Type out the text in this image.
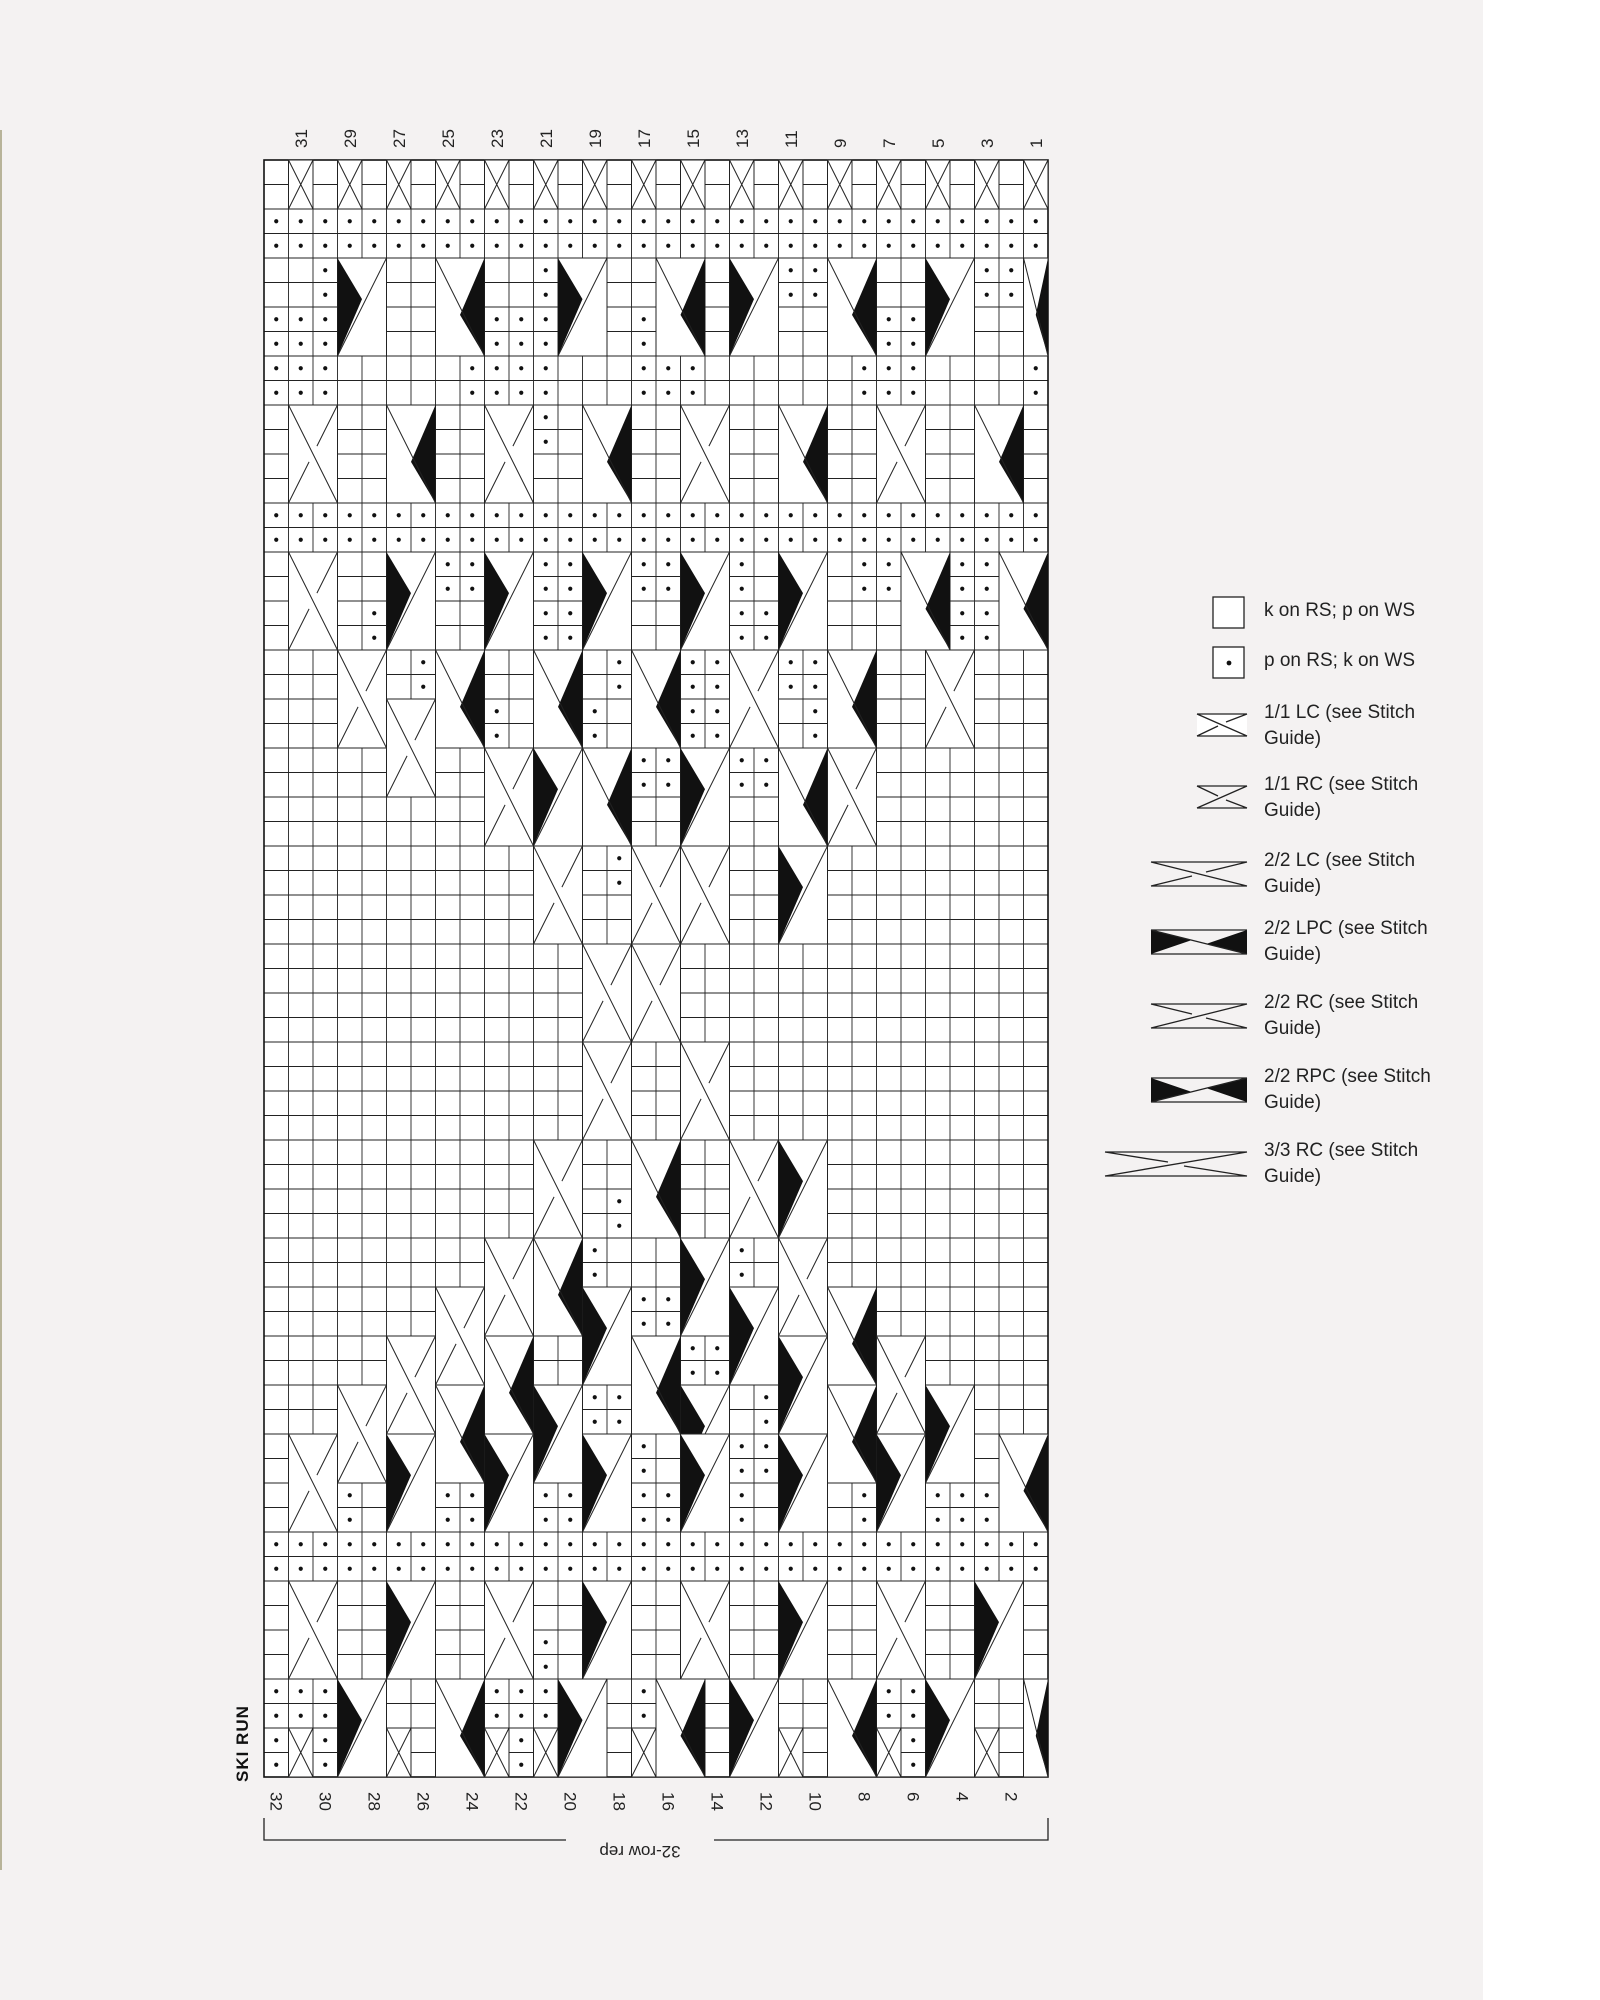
31 29 27 25 23 21 19 17 15 13 11 9 7 5 3 1
32 30 28 26 24 22 20 18 16 14 12 10 8 6 4 2
SKI RUN
32-row rep
k on RS; p on WS
p on RS; k on WS
1/1 LC (see Stitch Guide)
1/1 RC (see Stitch Guide)
2/2 LC (see Stitch Guide)
2/2 LPC (see Stitch Guide)
2/2 RC (see Stitch Guide)
2/2 RPC (see Stitch Guide)
3/3 RC (see Stitch Guide)
